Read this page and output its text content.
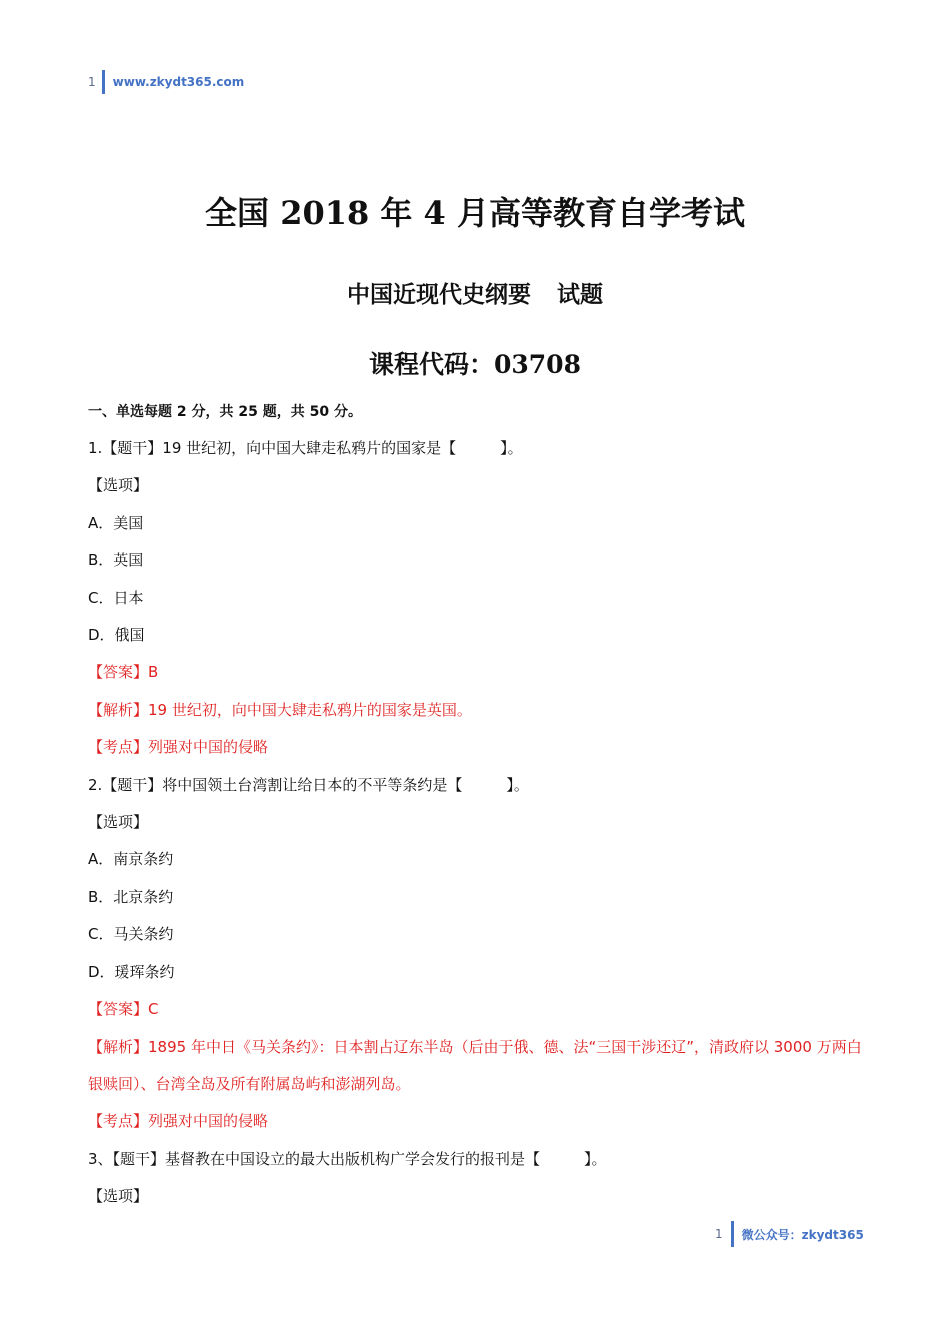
1 www.zkydt365.com
全国 2018 年 4 月高等教育自学考试
中国近现代史纲要 试题
课程代码：03708
一、单选每题 2 分，共 25 题，共 50 分。
1.【题干】19 世纪初，向中国大肆走私鸦片的国家是【	】。
【选项】
A．美国
B．英国
C．日本
D．俄国
【答案】B
【解析】19 世纪初，向中国大肆走私鸦片的国家是英国。
【考点】列强对中国的侵略
2.【题干】将中国领土台湾割让给日本的不平等条约是【	】。
【选项】
A．南京条约
B．北京条约
C．马关条约
D．瑗珲条约
【答案】C
【解析】1895 年中日《马关条约》：日本割占辽东半岛（后由于俄、德、法“三国干涉还辽”，清政府以 3000 万两白银赎回）、台湾全岛及所有附属岛屿和澎湖列岛。
【考点】列强对中国的侵略
3、【题干】基督教在中国设立的最大出版机构广学会发行的报刊是【	】。
【选项】
1 微公众号：zkydt365
